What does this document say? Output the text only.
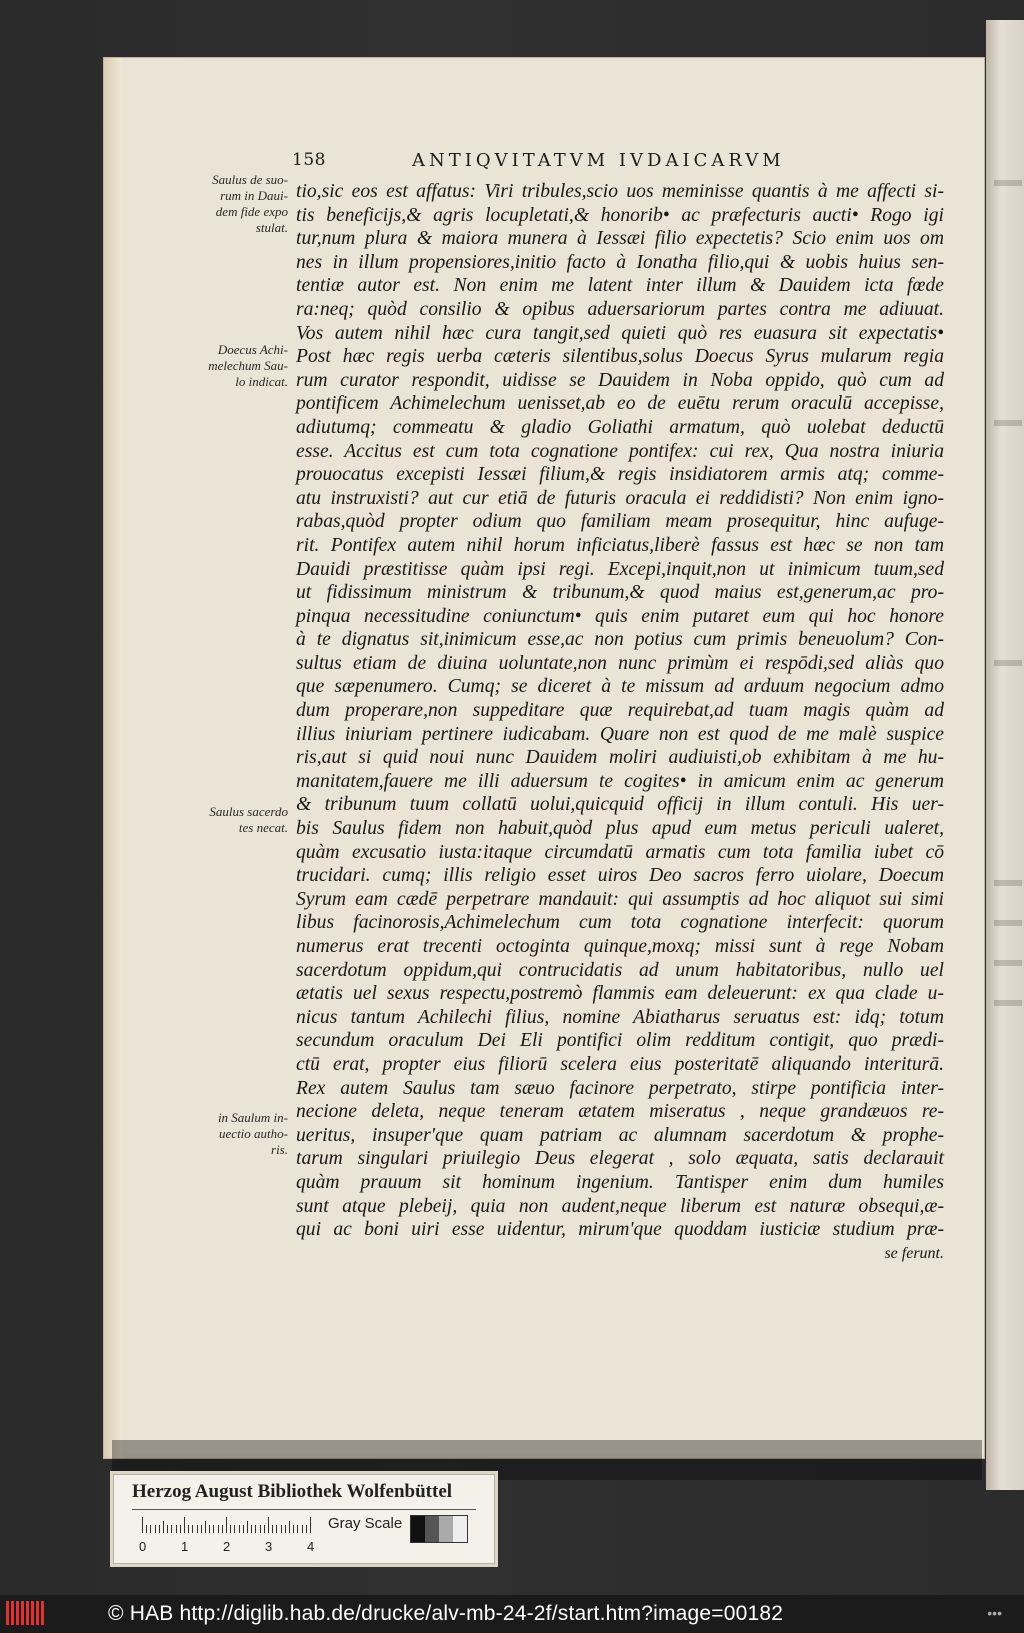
158	ANTIQVITATVM IVDAICARVM
tio,sic eos est affatus: Viri tribules,scio uos meminisse quantis à me affecti si-
tis beneficijs,& agris locupletati,& honorib• ac præfecturis aucti• Rogo igi
tur,num plura & maiora munera à Iessæi filio expectetis? Scio enim uos om
nes in illum propensiores,initio facto à Ionatha filio,qui & uobis huius sen-
tentiæ autor est. Non enim me latent inter illum & Dauidem icta fœde
ra:neq; quòd consilio & opibus aduersariorum partes contra me adiuuat.
Vos autem nihil hæc cura tangit,sed quieti quò res euasura sit expectatis•
Post hæc regis uerba cæteris silentibus,solus Doecus Syrus mularum regia
rum curator respondit, uidisse se Dauidem in Noba oppido, quò cum ad
pontificem Achimelechum uenisset,ab eo de euētu rerum oraculū accepisse,
adiutumq; commeatu & gladio Goliathi armatum, quò uolebat deductū
esse. Accitus est cum tota cognatione pontifex: cui rex, Qua nostra iniuria
prouocatus excepisti Iessæi filium,& regis insidiatorem armis atq; comme-
atu instruxisti? aut cur etiā de futuris oracula ei reddidisti? Non enim igno-
rabas,quòd propter odium quo familiam meam prosequitur, hinc aufuge-
rit. Pontifex autem nihil horum inficiatus,liberè fassus est hæc se non tam
Dauidi præstitisse quàm ipsi regi. Excepi,inquit,non ut inimicum tuum,sed
ut fidissimum ministrum & tribunum,& quod maius est,generum,ac pro-
pinqua necessitudine coniunctum• quis enim putaret eum qui hoc honore
à te dignatus sit,inimicum esse,ac non potius cum primis beneuolum? Con-
sultus etiam de diuina uoluntate,non nunc primùm ei respōdi,sed aliàs quo
que sæpenumero. Cumq; se diceret à te missum ad arduum negocium admo
dum properare,non suppeditare quæ requirebat,ad tuam magis quàm ad
illius iniuriam pertinere iudicabam. Quare non est quod de me malè suspice
ris,aut si quid noui nunc Dauidem moliri audiuisti,ob exhibitam à me hu-
manitatem,fauere me illi aduersum te cogites• in amicum enim ac generum
& tribunum tuum collatū uolui,quicquid officij in illum contuli. His uer-
bis Saulus fidem non habuit,quòd plus apud eum metus periculi ualeret,
quàm excusatio iusta:itaque circumdatū armatis cum tota familia iubet cō
trucidari. cumq; illis religio esset uiros Deo sacros ferro uiolare, Doecum
Syrum eam cædē perpetrare mandauit: qui assumptis ad hoc aliquot sui simi
libus facinorosis,Achimelechum cum tota cognatione interfecit: quorum
numerus erat trecenti octoginta quinque,moxq; missi sunt à rege Nobam
sacerdotum oppidum,qui contrucidatis ad unum habitatoribus, nullo uel
ætatis uel sexus respectu,postremò flammis eam deleuerunt: ex qua clade u-
nicus tantum Achilechi filius, nomine Abiatharus seruatus est: idq; totum
secundum oraculum Dei Eli pontifici olim redditum contigit, quo prædi-
ctū erat, propter eius filiorū scelera eius posteritatē aliquando interiturā.
Rex autem Saulus tam sæuo facinore perpetrato, stirpe pontificia inter-
necione deleta, neque teneram ætatem miseratus , neque grandæuos re-
ueritus, insuper'que quam patriam ac alumnam sacerdotum & prophe-
tarum singulari priuilegio Deus elegerat , solo æquata, satis declarauit
quàm prauum sit hominum ingenium. Tantisper enim dum humiles
sunt atque plebeij, quia non audent,neque liberum est naturæ obsequi,æ-
qui ac boni uiri esse uidentur, mirum'que quoddam iusticiæ studium præ-
se ferunt.
Saulus de suo-
rum in Daui-
dem fide expo
stulat.
Doecus Achi-
melechum Sau-
lo indicat.
Saulus sacerdo
tes necat.
in Saulum in-
uectio autho-
ris.
Herzog August Bibliothek Wolfenbüttel
0	1	2	3	4
Gray Scale
© HAB http://diglib.hab.de/drucke/alv-mb-24-2f/start.htm?image=00182	•••
